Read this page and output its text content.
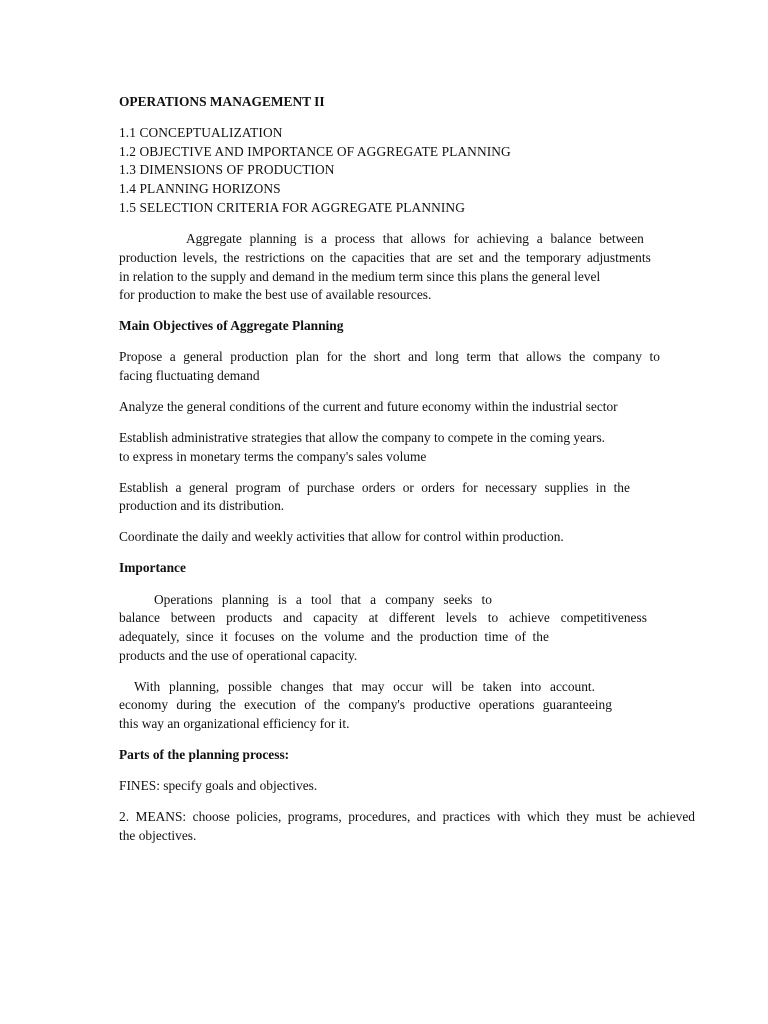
OPERATIONS MANAGEMENT II
1.1 CONCEPTUALIZATION
1.2 OBJECTIVE AND IMPORTANCE OF AGGREGATE PLANNING
1.3 DIMENSIONS OF PRODUCTION
1.4 PLANNING HORIZONS
1.5 SELECTION CRITERIA FOR AGGREGATE PLANNING
Aggregate planning is a process that allows for achieving a balance between
production levels, the restrictions on the capacities that are set and the temporary adjustments
in relation to the supply and demand in the medium term since this plans the general level
for production to make the best use of available resources.
Main Objectives of Aggregate Planning
Propose a general production plan for the short and long term that allows the company to
facing fluctuating demand
Analyze the general conditions of the current and future economy within the industrial sector
Establish administrative strategies that allow the company to compete in the coming years.
to express in monetary terms the company's sales volume
Establish a general program of purchase orders or orders for necessary supplies in the
production and its distribution.
Coordinate the daily and weekly activities that allow for control within production.
Importance
Operations planning is a tool that a company seeks to
balance between products and capacity at different levels to achieve competitiveness
adequately, since it focuses on the volume and the production time of the
products and the use of operational capacity.
With planning, possible changes that may occur will be taken into account.
economy during the execution of the company's productive operations guaranteeing
this way an organizational efficiency for it.
Parts of the planning process:
FINES: specify goals and objectives.
2. MEANS: choose policies, programs, procedures, and practices with which they must be achieved
the objectives.
